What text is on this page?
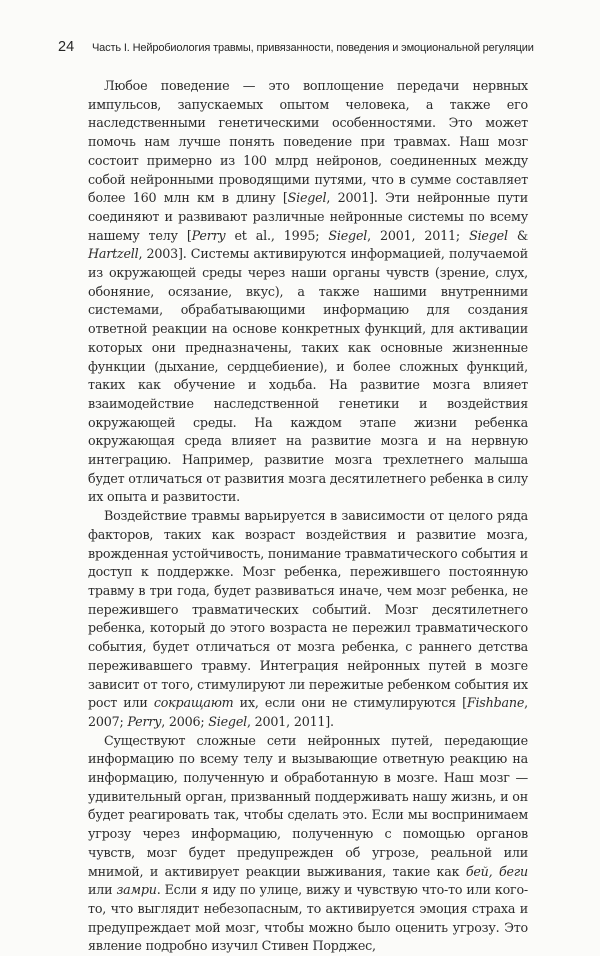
24	Часть I. Нейробиология травмы, привязанности, поведения и эмоциональной регуляции

Любое поведение — это воплощение передачи нервных импульсов, запускаемых опытом человека, а также его наследственными генетическими особенностями. Это может помочь нам лучше понять поведение при травмах. Наш мозг состоит примерно из 100 млрд нейронов, соединенных между собой нейронными проводящими путями, что в сумме составляет более 160 млн км в длину [Siegel, 2001]. Эти нейронные пути соединяют и развивают различные нейронные системы по всему нашему телу [Perry et al., 1995; Siegel, 2001, 2011; Siegel & Hartzell, 2003]. Системы активируются информацией, получаемой из окружающей среды через наши органы чувств (зрение, слух, обоняние, осязание, вкус), а также нашими внутренними системами, обрабатывающими информацию для создания ответной реакции на основе конкретных функций, для активации которых они предназначены, таких как основные жизненные функции (дыхание, сердцебиение), и более сложных функций, таких как обучение и ходьба. На развитие мозга влияет взаимодействие наследственной генетики и воздействия окружающей среды. На каждом этапе жизни ребенка окружающая среда влияет на развитие мозга и на нервную интеграцию. Например, развитие мозга трехлетнего малыша будет отличаться от развития мозга десятилетнего ребенка в силу их опыта и развитости.

Воздействие травмы варьируется в зависимости от целого ряда факторов, таких как возраст воздействия и развитие мозга, врожденная устойчивость, понимание травматического события и доступ к поддержке. Мозг ребенка, пережившего постоянную травму в три года, будет развиваться иначе, чем мозг ребенка, не пережившего травматических событий. Мозг десятилетнего ребенка, который до этого возраста не пережил травматического события, будет отличаться от мозга ребенка, с раннего детства переживавшего травму. Интеграция нейронных путей в мозге зависит от того, стимулируют ли пережитые ребенком события их рост или сокращают их, если они не стимулируются [Fishbane, 2007; Perry, 2006; Siegel, 2001, 2011].

Существуют сложные сети нейронных путей, передающие информацию по всему телу и вызывающие ответную реакцию на информацию, полученную и обработанную в мозге. Наш мозг — удивительный орган, призванный поддерживать нашу жизнь, и он будет реагировать так, чтобы сделать это. Если мы воспринимаем угрозу через информацию, полученную с помощью органов чувств, мозг будет предупрежден об угрозе, реальной или мнимой, и активирует реакции выживания, такие как бей, беги или замри. Если я иду по улице, вижу и чувствую что-то или кого-то, что выглядит небезопасным, то активируется эмоция страха и предупреждает мой мозг, чтобы можно было оценить угрозу. Это явление подробно изучил Стивен Порджес,
